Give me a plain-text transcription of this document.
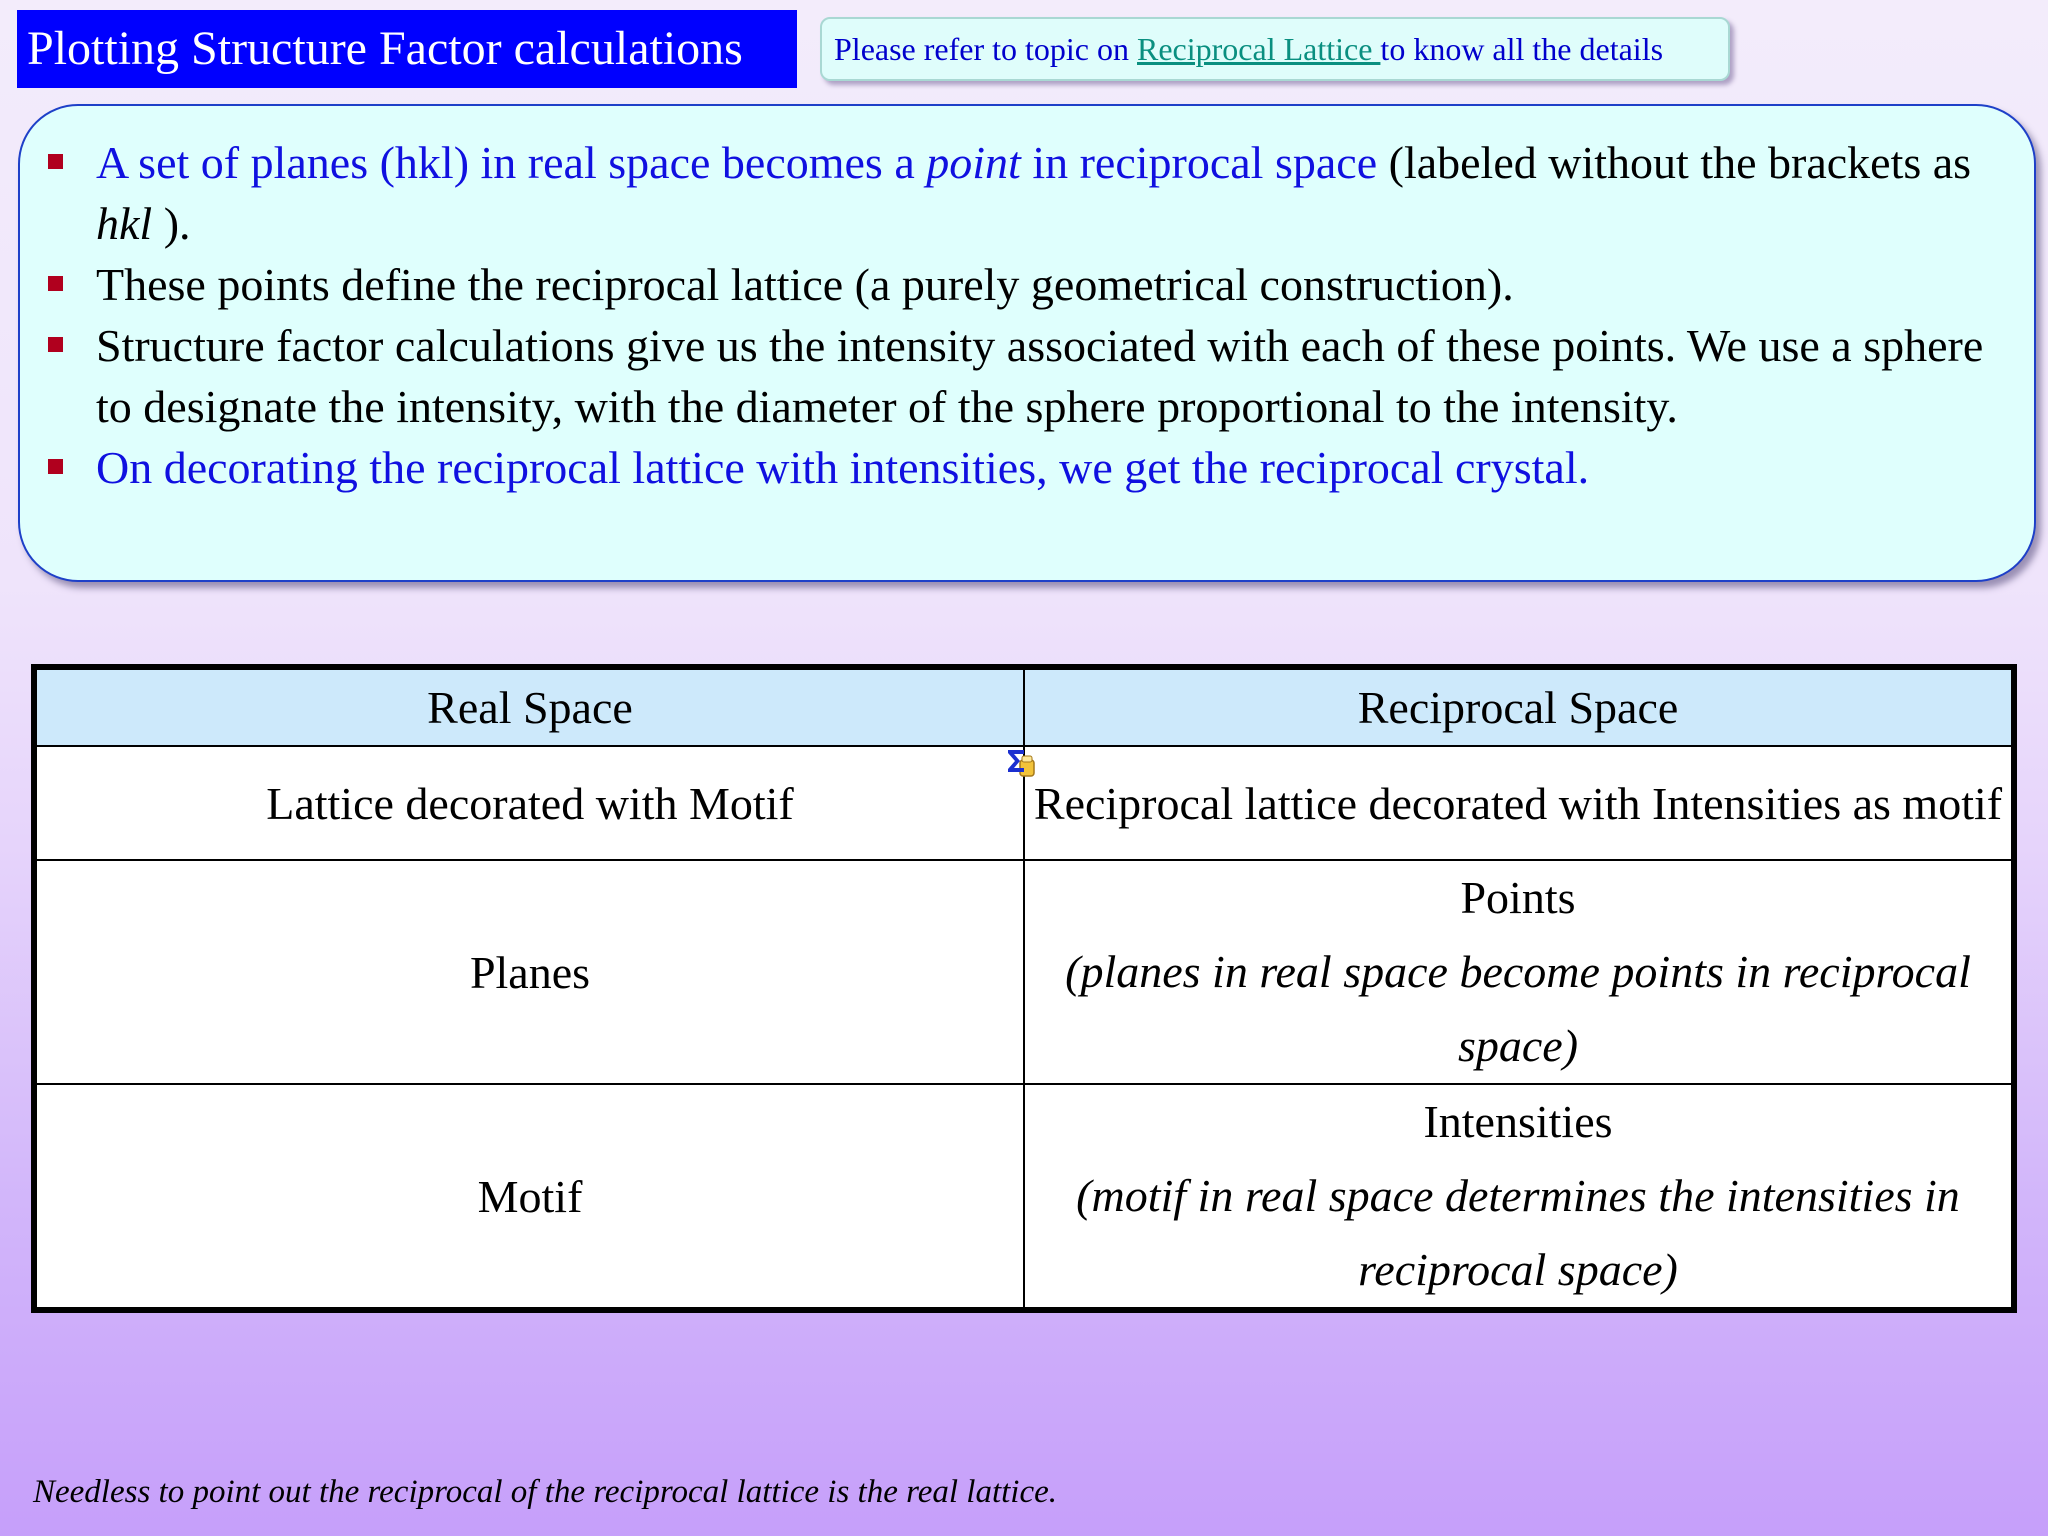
Plotting Structure Factor calculations	Please refer to topic on Reciprocal Lattice to know all the details
A set of planes (hkl) in real space becomes a point in reciprocal space (labeled without the brackets as hkl ).
These points define the reciprocal lattice (a purely geometrical construction).
Structure factor calculations give us the intensity associated with each of these points. We use a sphere to designate the intensity, with the diameter of the sphere proportional to the intensity.
On decorating the reciprocal lattice with intensities, we get the reciprocal crystal.
Real Space	Reciprocal Space
Lattice decorated with Motif	Reciprocal lattice decorated with Intensities as motif
Planes	Points
(planes in real space become points in reciprocal space)

Motif	Intensities
(motif in real space determines the intensities in reciprocal space)
Needless to point out the reciprocal of the reciprocal lattice is the real lattice.
